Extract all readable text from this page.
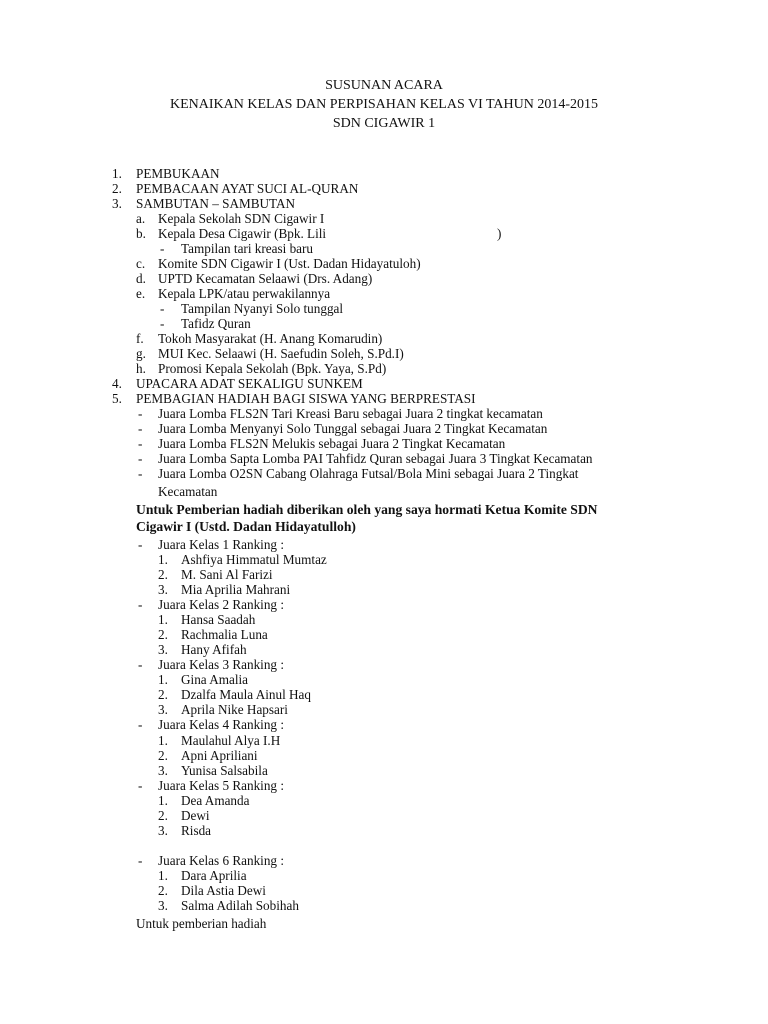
SUSUNAN ACARA
KENAIKAN KELAS DAN PERPISAHAN KELAS VI TAHUN 2014-2015
SDN CIGAWIR 1
1. PEMBUKAAN
2. PEMBACAAN AYAT SUCI AL-QURAN
3. SAMBUTAN – SAMBUTAN
a. Kepala Sekolah SDN Cigawir I
b. Kepala Desa Cigawir (Bpk. Lili	)
- Tampilan tari kreasi baru
c. Komite SDN Cigawir I (Ust. Dadan Hidayatuloh)
d. UPTD Kecamatan Selaawi (Drs. Adang)
e. Kepala LPK/atau perwakilannya
- Tampilan Nyanyi Solo tunggal
- Tafidz Quran
f. Tokoh Masyarakat (H. Anang Komarudin)
g. MUI Kec. Selaawi (H. Saefudin Soleh, S.Pd.I)
h. Promosi Kepala Sekolah (Bpk. Yaya, S.Pd)
4. UPACARA ADAT SEKALIGU SUNKEM
5. PEMBAGIAN HADIAH BAGI SISWA YANG BERPRESTASI
- Juara Lomba FLS2N Tari Kreasi Baru sebagai Juara 2 tingkat kecamatan
- Juara Lomba Menyanyi Solo Tunggal sebagai Juara 2 Tingkat Kecamatan
- Juara Lomba FLS2N Melukis sebagai Juara 2 Tingkat Kecamatan
- Juara Lomba Sapta Lomba PAI Tahfidz Quran sebagai Juara 3 Tingkat Kecamatan
- Juara Lomba O2SN Cabang Olahraga Futsal/Bola Mini sebagai Juara 2 Tingkat
Kecamatan
Untuk Pemberian hadiah diberikan oleh yang saya hormati Ketua Komite SDN
Cigawir I (Ustd. Dadan Hidayatulloh)
- Juara Kelas 1 Ranking :
1. Ashfiya Himmatul Mumtaz
2. M. Sani Al Farizi
3. Mia Aprilia Mahrani
- Juara Kelas 2 Ranking :
1. Hansa Saadah
2. Rachmalia Luna
3. Hany Afifah
- Juara Kelas 3 Ranking :
1. Gina Amalia
2. Dzalfa Maula Ainul Haq
3. Aprila Nike Hapsari
- Juara Kelas 4 Ranking :
1. Maulahul Alya I.H
2. Apni Apriliani
3. Yunisa Salsabila
- Juara Kelas 5 Ranking :
1. Dea Amanda
2. Dewi
3. Risda
- Juara Kelas 6 Ranking :
1. Dara Aprilia
2. Dila Astia Dewi
3. Salma Adilah Sobihah
Untuk pemberian hadiah
